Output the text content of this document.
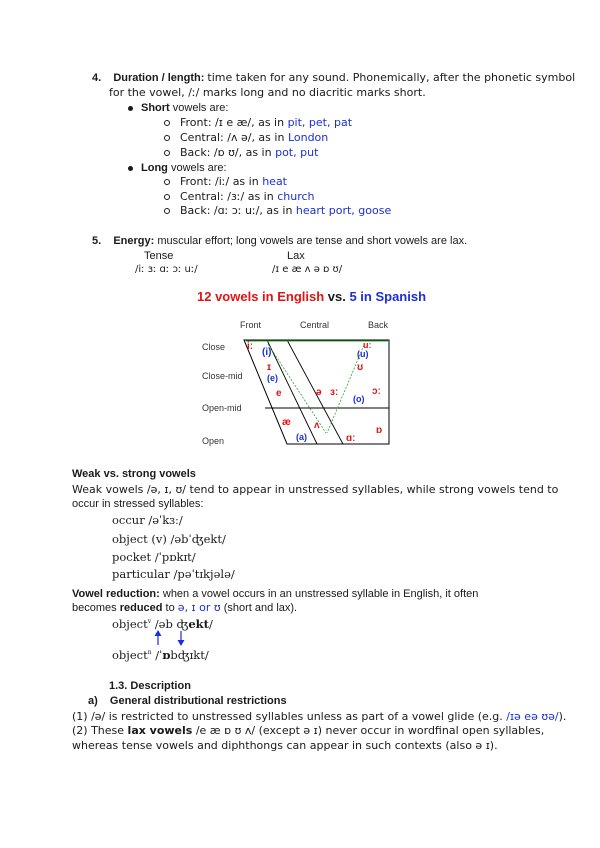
4. Duration / length: time taken for any sound. Phonemically, after the phonetic symbol
for the vowel, /ː/ marks long and no diacritic marks short.
Short vowels are:
Front: /ɪ e æ/, as in pit, pet, pat
Central: /ʌ ə/, as in London
Back: /ɒ ʊ/, as in pot, put
Long vowels are:
Front: /iː/ as in heat
Central: /ɜː/ as in church
Back: /ɑː ɔː uː/, as in heart port, goose
5. Energy: muscular effort; long vowels are tense and short vowels are lax.
Tense	Lax
/iː ɜː ɑː ɔː uː/	/ɪ e æ ʌ ə ɒ ʊ/
12 vowels in English vs. 5 in Spanish
Front	Central	Back
Close
Close-mid
Open-mid
Open
iː	uː
ɪ	ʊ
e	ə ɜː	ɔː
æ ʌ
ɑː
ɒ
(i)	(u)
(e)
(o)
(a)
Weak vs. strong vowels
Weak vowels /ə, ɪ, ʊ/ tend to appear in unstressed syllables, while strong vowels tend to
occur in stressed syllables:
occur /əˈkɜː/
object (v) /əbˈʤekt/
pocket /ˈpɒkɪt/
particular /pəˈtɪkjələ/
Vowel reduction: when a vowel occurs in an unstressed syllable in English, it often
becomes reduced to ə, ɪ or ʊ (short and lax).
object$^v$ /əb ʤekt/
object$^n$ /ˈɒbʤɪkt/
1.3. Description
a) General distributional restrictions
(1) /ə/ is restricted to unstressed syllables unless as part of a vowel glide (e.g. /ɪə eə ʊə/).
(2) These lax vowels /e æ ɒ ʊ ʌ/ (except ə ɪ) never occur in wordfinal open syllables,
whereas tense vowels and diphthongs can appear in such contexts (also ə ɪ).
